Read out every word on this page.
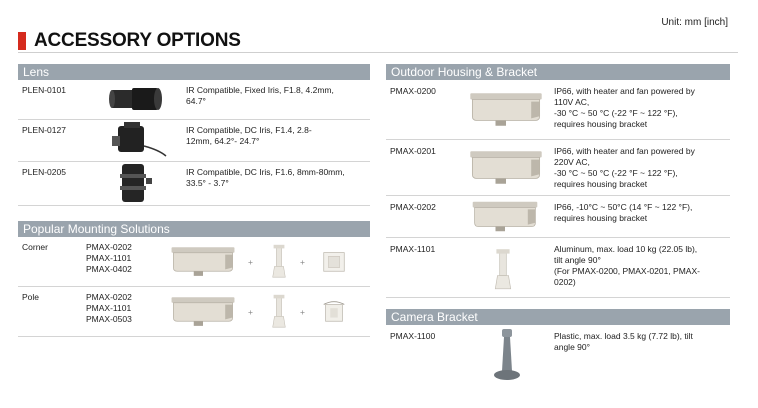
Unit: mm [inch]
ACCESSORY OPTIONS
Lens
PLEN-0101	IR Compatible, Fixed Iris, F1.8, 4.2mm,
64.7°
PLEN-0127	IR Compatible, DC Iris, F1.4, 2.8-
12mm, 64.2°- 24.7°
PLEN-0205	IR Compatible, DC Iris, F1.6, 8mm-80mm,
33.5° - 3.7°
Popular Mounting Solutions
Corner	PMAX-0202
PMAX-1101
PMAX-0402
+	+
Pole	PMAX-0202
PMAX-1101
PMAX-0503
+	+
Outdoor Housing & Bracket
PMAX-0200	IP66, with heater and fan powered by
110V AC,
-30 °C ~ 50 °C (-22 °F ~ 122 °F),
requires housing bracket
PMAX-0201	IP66, with heater and fan powered by
220V AC,
-30 °C ~ 50 °C (-22 °F ~ 122 °F),
requires housing bracket
PMAX-0202	IP66, -10°C ~ 50°C (14 °F ~ 122 °F),
requires housing bracket
PMAX-1101	Aluminum, max. load 10 kg (22.05 lb),
tilt angle 90°
(For PMAX-0200, PMAX-0201, PMAX-
0202)
Camera Bracket
PMAX-1100	Plastic, max. load 3.5 kg (7.72 lb), tilt
angle 90°
